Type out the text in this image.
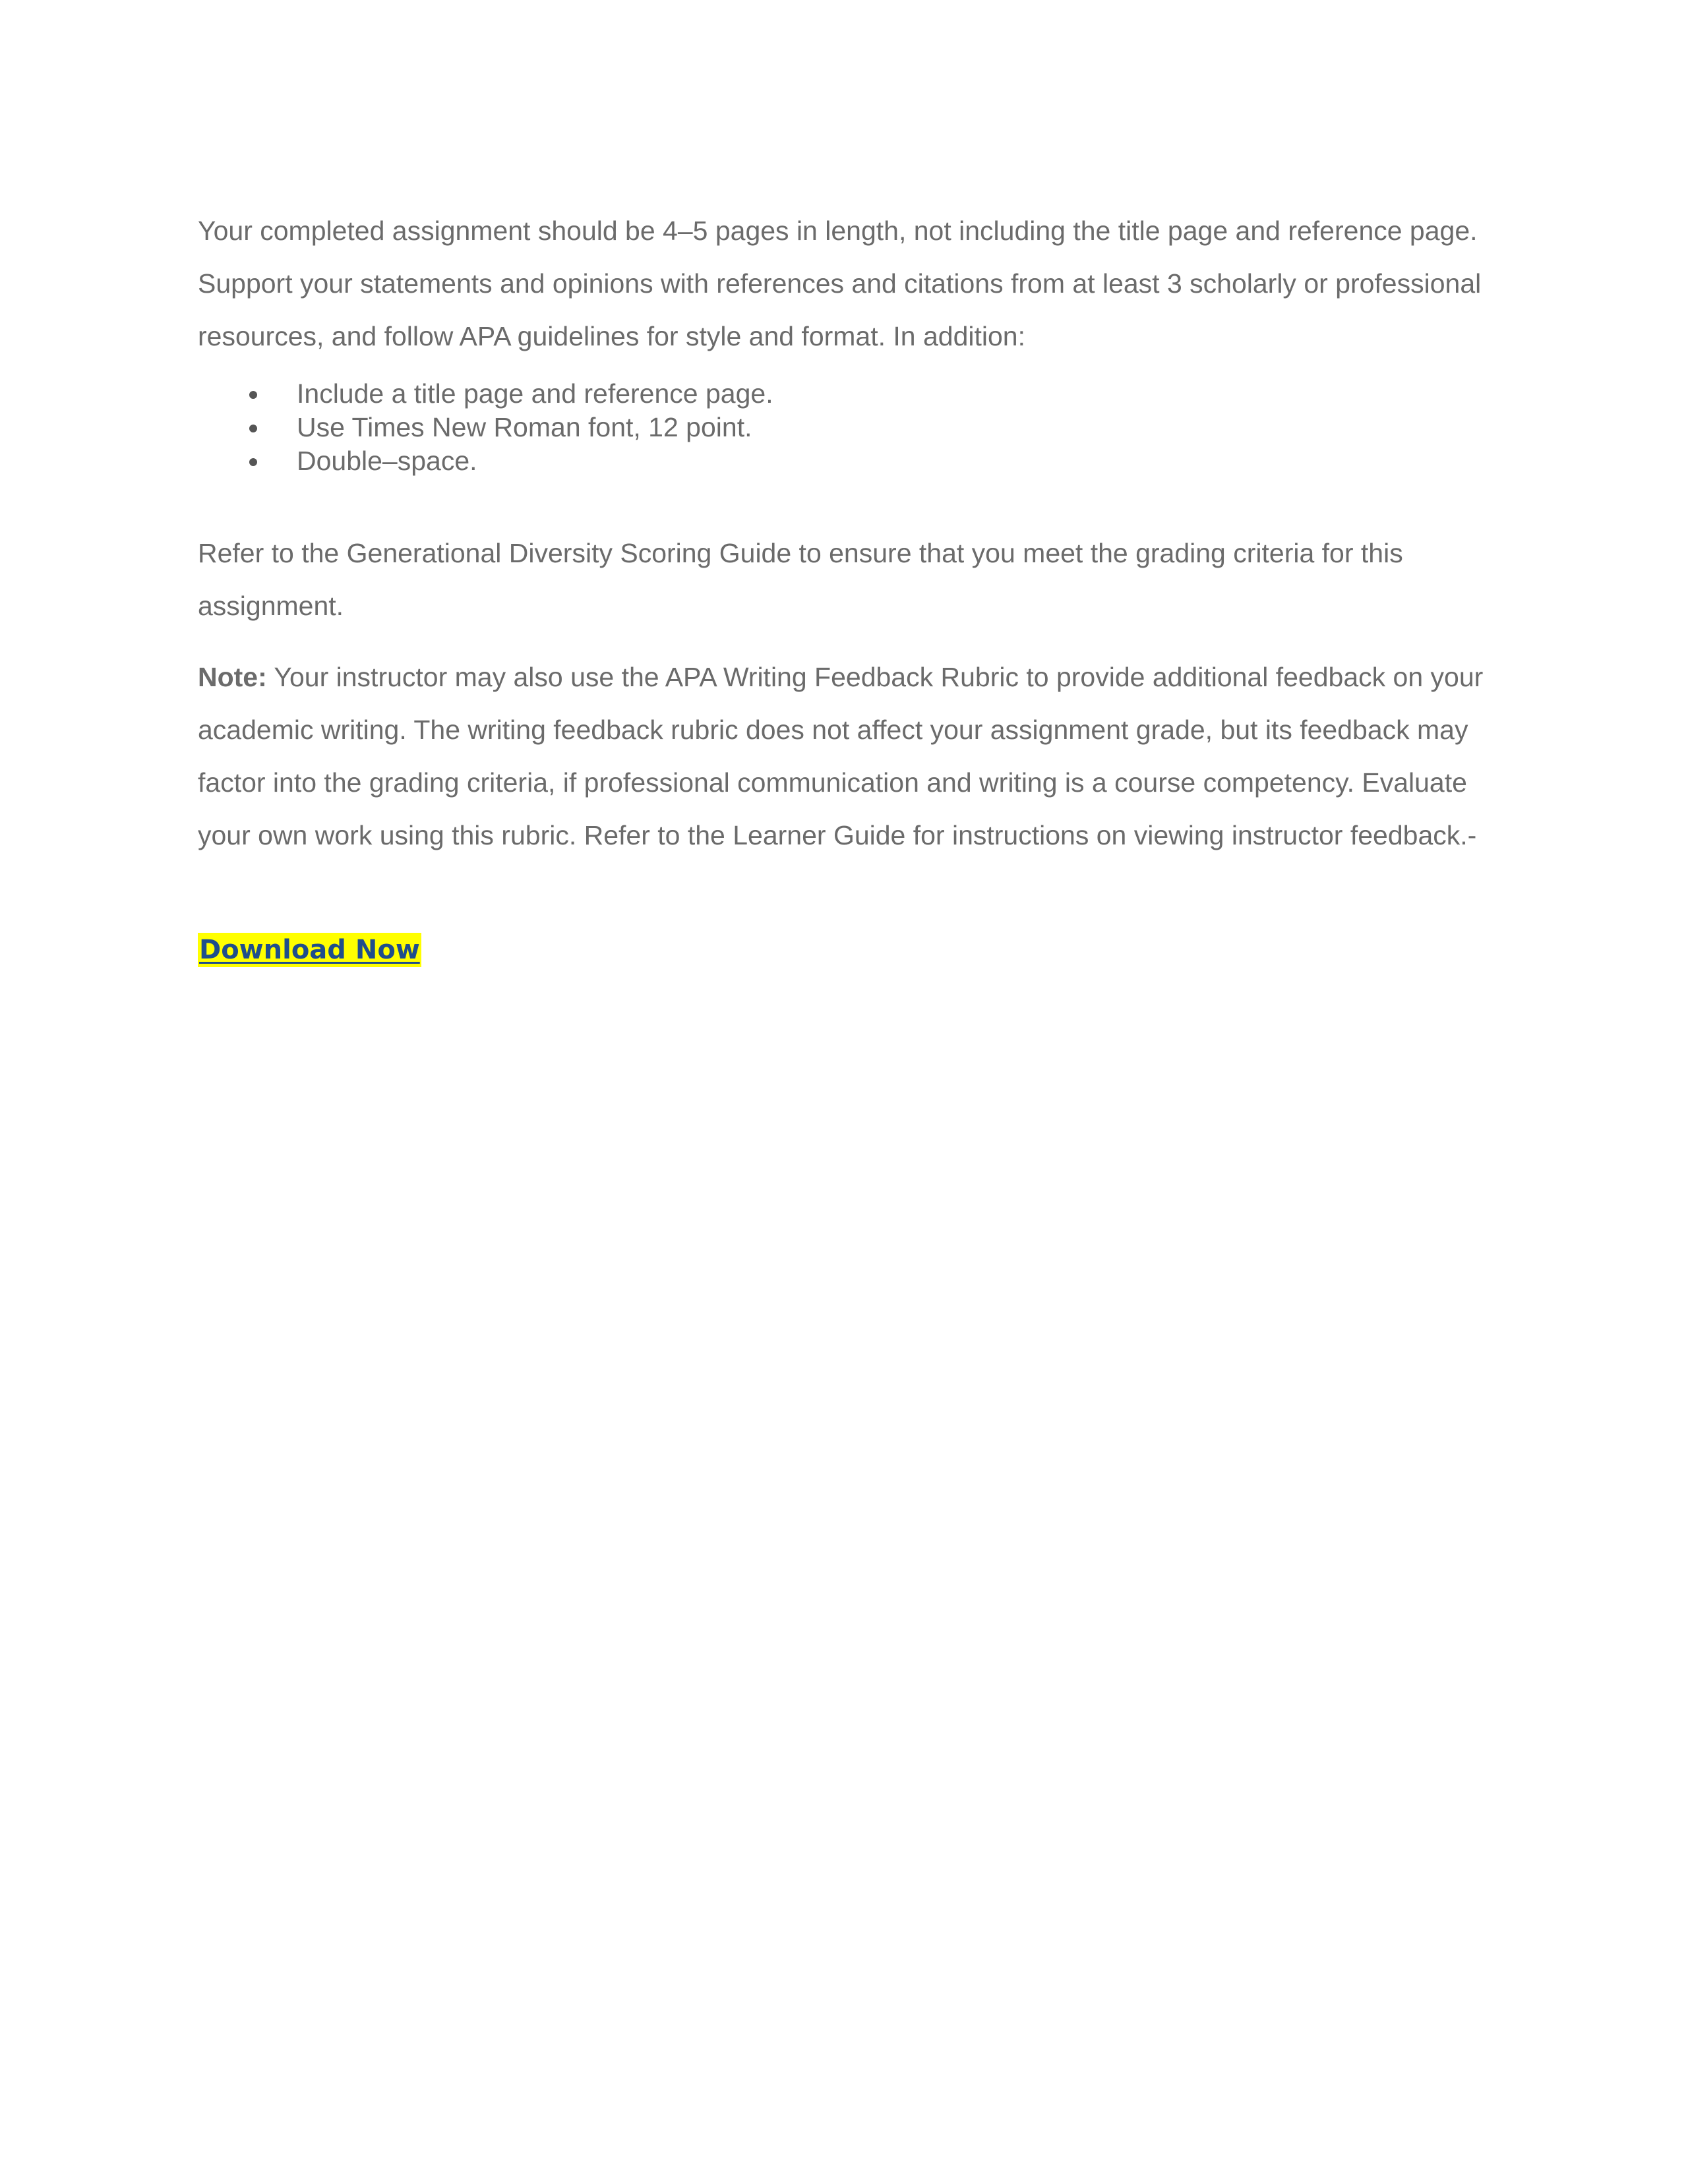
Your completed assignment should be 4–5 pages in length, not including the title page and reference page. Support your statements and opinions with references and citations from at least 3 scholarly or professional resources, and follow APA guidelines for style and format. In addition:

Include a title page and reference page.
Use Times New Roman font, 12 point.
Double–space.

Refer to the Generational Diversity Scoring Guide to ensure that you meet the grading criteria for this assignment.

Note: Your instructor may also use the APA Writing Feedback Rubric to provide additional feedback on your academic writing. The writing feedback rubric does not affect your assignment grade, but its feedback may factor into the grading criteria, if professional communication and writing is a course competency. Evaluate your own work using this rubric. Refer to the Learner Guide for instructions on viewing instructor feedback.-

Download Now
